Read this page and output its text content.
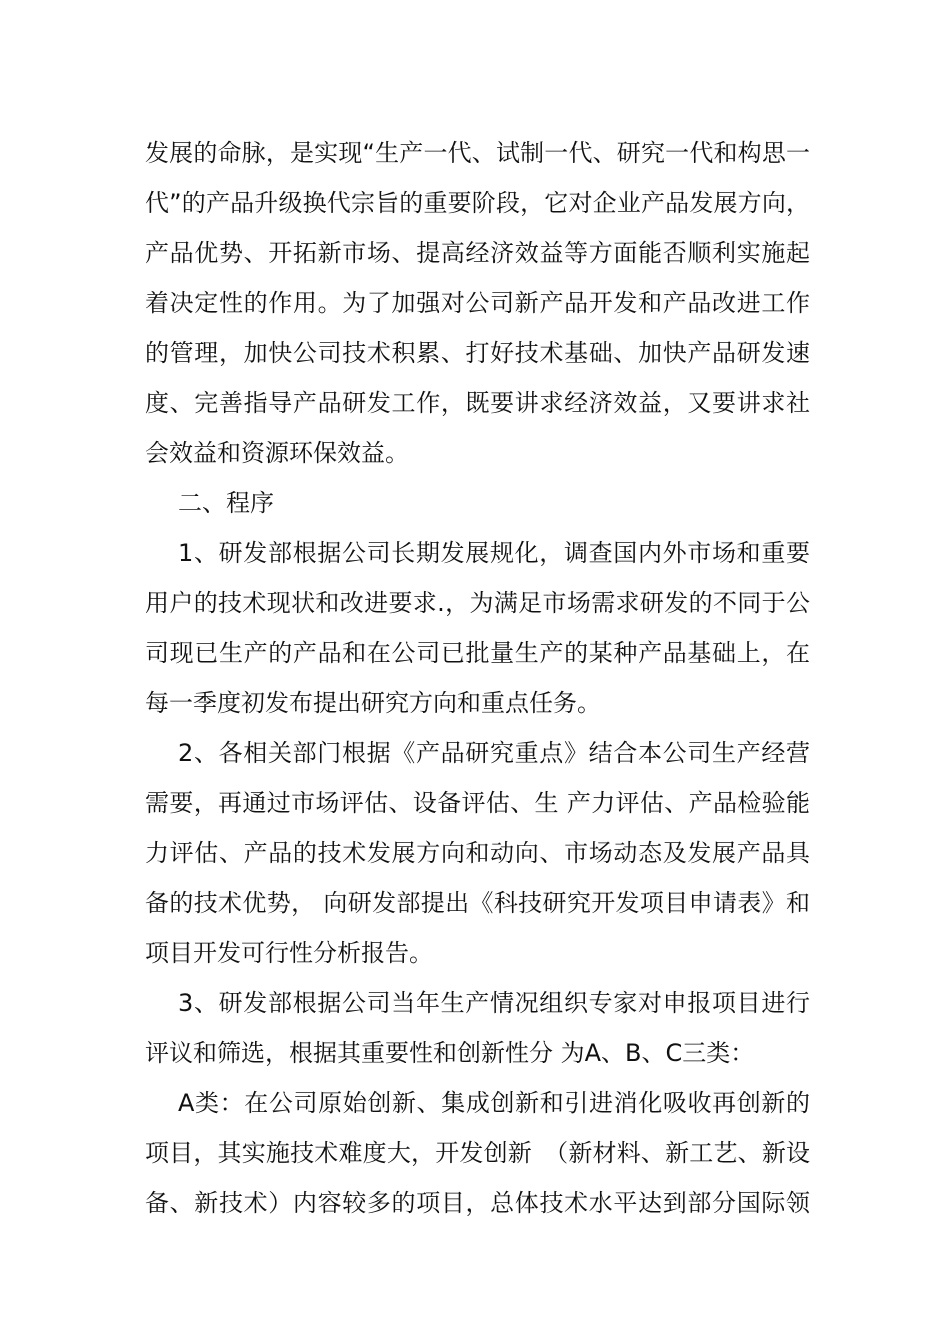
发展的命脉，是实现“生产一代、试制一代、研究一代和构思一
代”的产品升级换代宗旨的重要阶段，它对企业产品发展方向，
产品优势、开拓新市场、提高经济效益等方面能否顺利实施起
着决定性的作用。为了加强对公司新产品开发和产品改进工作
的管理，加快公司技术积累、打好技术基础、加快产品研发速
度、完善指导产品研发工作，既要讲求经济效益，又要讲求社
会效益和资源环保效益。
二、程序
1、研发部根据公司长期发展规化，调查国内外市场和重要
用户的技术现状和改进要求.，为满足市场需求研发的不同于公
司现已生产的产品和在公司已批量生产的某种产品基础上，在
每一季度初发布提出研究方向和重点任务。
2、各相关部门根据《产品研究重点》结合本公司生产经营
需要，再通过市场评估、设备评估、生 产力评估、产品检验能
力评估、产品的技术发展方向和动向、市场动态及发展产品具
备的技术优势， 向研发部提出《科技研究开发项目申请表》和
项目开发可行性分析报告。
3、研发部根据公司当年生产情况组织专家对申报项目进行
评议和筛选，根据其重要性和创新性分 为A、B、C三类：
A类：在公司原始创新、集成创新和引进消化吸收再创新的
项目，其实施技术难度大，开发创新　（新材料、新工艺、新设
备、新技术）内容较多的项目，总体技术水平达到部分国际领
